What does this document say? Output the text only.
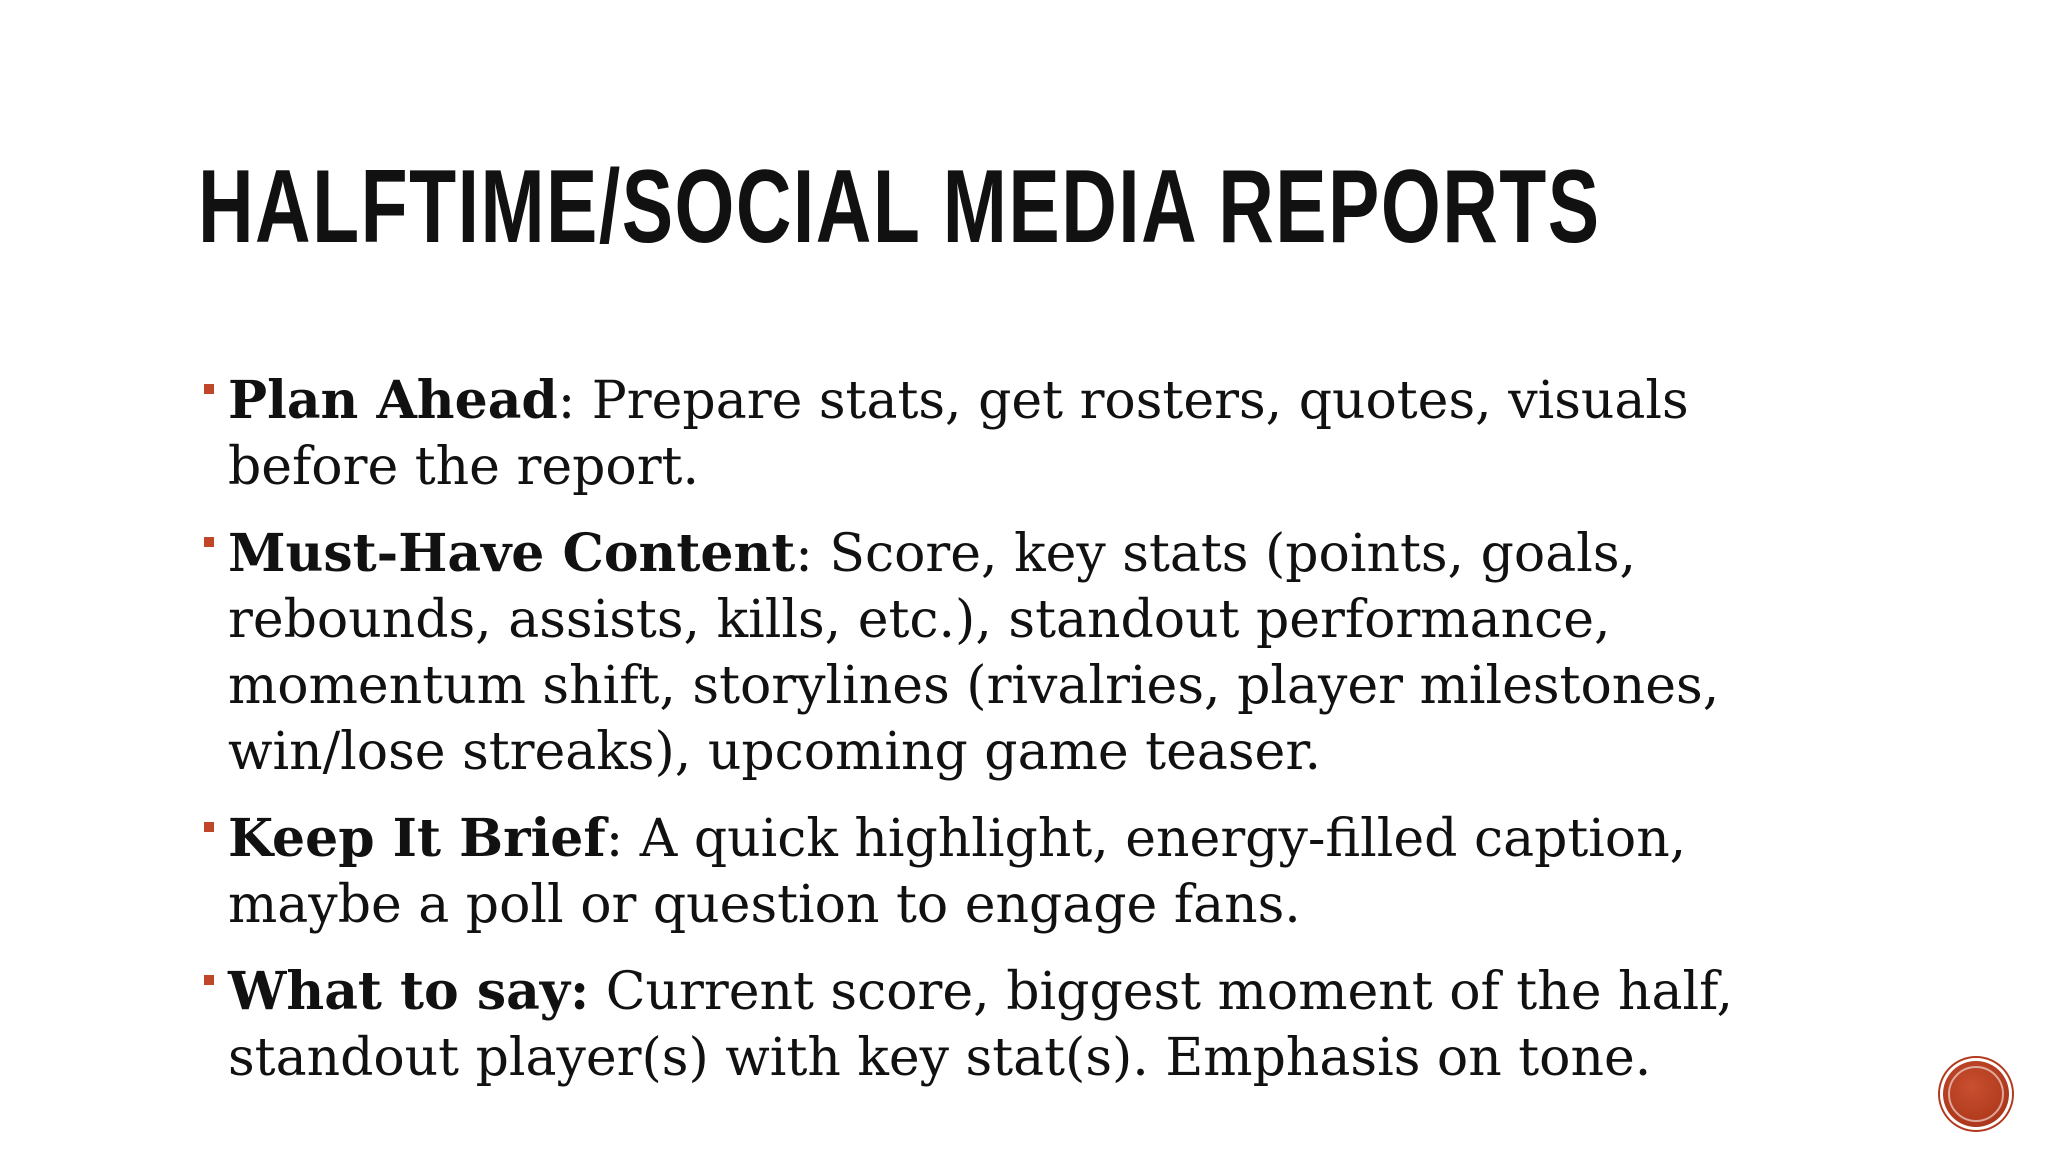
HALFTIME/SOCIAL MEDIA REPORTS
Plan Ahead: Prepare stats, get rosters, quotes, visuals before the report.
Must-Have Content: Score, key stats (points, goals, rebounds, assists, kills, etc.), standout performance, momentum shift, storylines (rivalries, player milestones, win/lose streaks), upcoming game teaser.
Keep It Brief: A quick highlight, energy-filled caption, maybe a poll or question to engage fans.
What to say: Current score, biggest moment of the half, standout player(s) with key stat(s). Emphasis on tone.
